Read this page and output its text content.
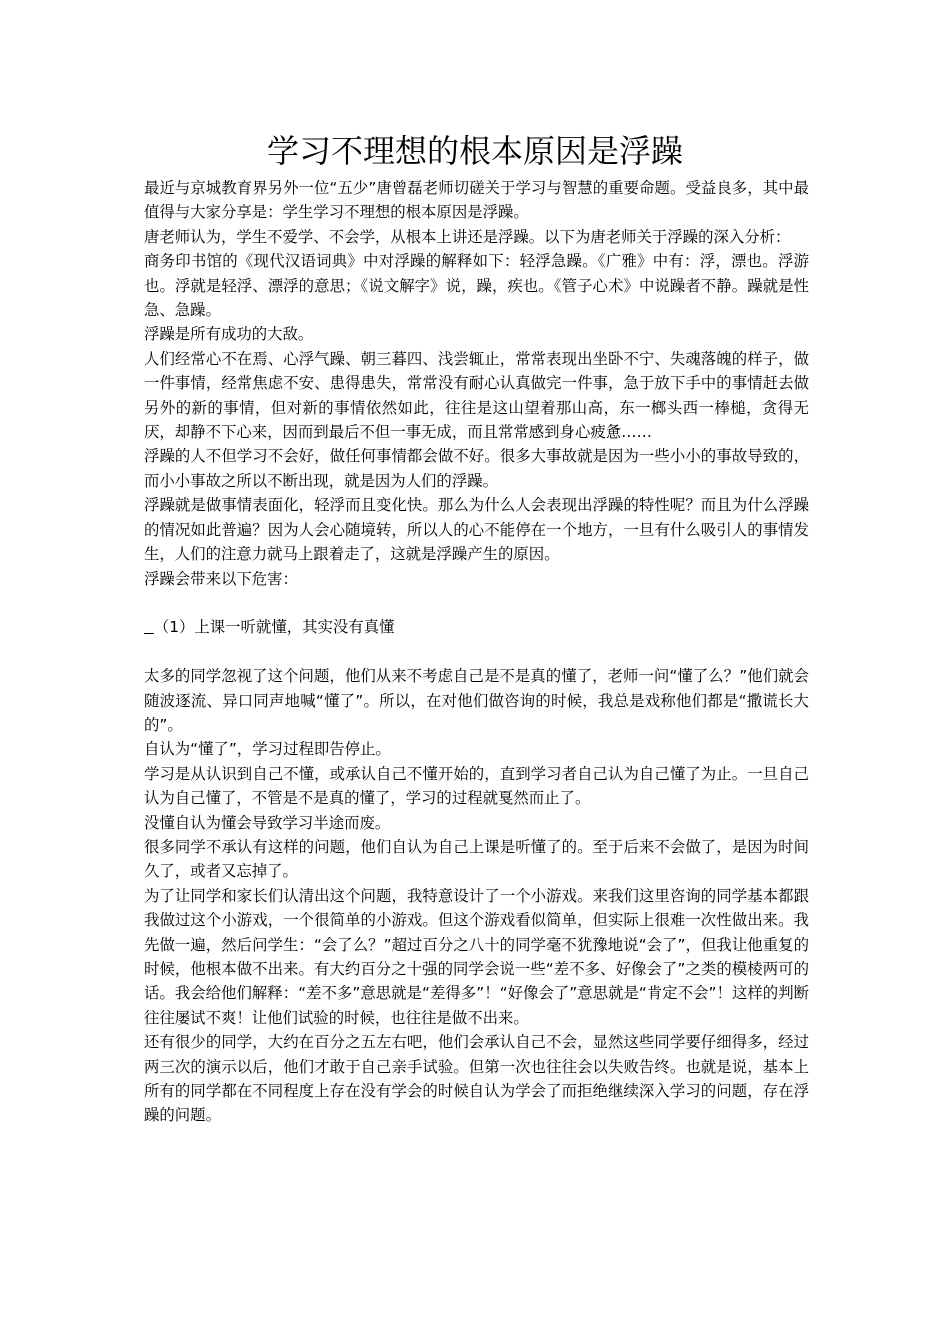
学习不理想的根本原因是浮躁

最近与京城教育界另外一位“五少”唐曾磊老师切磋关于学习与智慧的重要命题。受益良多，其中最值得与大家分享是：学生学习不理想的根本原因是浮躁。

唐老师认为，学生不爱学、不会学，从根本上讲还是浮躁。以下为唐老师关于浮躁的深入分析：

商务印书馆的《现代汉语词典》中对浮躁的解释如下：轻浮急躁。《广雅》中有：浮，漂也。浮游也。浮就是轻浮、漂浮的意思；《说文解字》说，躁，疾也。《管子心术》中说躁者不静。躁就是性急、急躁。

浮躁是所有成功的大敌。

人们经常心不在焉、心浮气躁、朝三暮四、浅尝辄止，常常表现出坐卧不宁、失魂落魄的样子，做一件事情，经常焦虑不安、患得患失，常常没有耐心认真做完一件事，急于放下手中的事情赶去做另外的新的事情，但对新的事情依然如此，往往是这山望着那山高，东一榔头西一棒槌，贪得无厌，却静不下心来，因而到最后不但一事无成，而且常常感到身心疲惫……

浮躁的人不但学习不会好，做任何事情都会做不好。很多大事故就是因为一些小小的事故导致的，而小小事故之所以不断出现，就是因为人们的浮躁。

浮躁就是做事情表面化，轻浮而且变化快。那么为什么人会表现出浮躁的特性呢？而且为什么浮躁的情况如此普遍？因为人会心随境转，所以人的心不能停在一个地方，一旦有什么吸引人的事情发生，人们的注意力就马上跟着走了，这就是浮躁产生的原因。

浮躁会带来以下危害：

（1）上课一听就懂，其实没有真懂

太多的同学忽视了这个问题，他们从来不考虑自己是不是真的懂了，老师一问“懂了么？”他们就会随波逐流、异口同声地喊“懂了”。所以，在对他们做咨询的时候，我总是戏称他们都是“撒谎长大的”。

自认为“懂了”，学习过程即告停止。

学习是从认识到自己不懂，或承认自己不懂开始的，直到学习者自己认为自己懂了为止。一旦自己认为自己懂了，不管是不是真的懂了，学习的过程就戛然而止了。

没懂自认为懂会导致学习半途而废。

很多同学不承认有这样的问题，他们自认为自己上课是听懂了的。至于后来不会做了，是因为时间久了，或者又忘掉了。

为了让同学和家长们认清出这个问题，我特意设计了一个小游戏。来我们这里咨询的同学基本都跟我做过这个小游戏，一个很简单的小游戏。但这个游戏看似简单，但实际上很难一次性做出来。我先做一遍，然后问学生：“会了么？”超过百分之八十的同学毫不犹豫地说“会了”，但我让他重复的时候，他根本做不出来。有大约百分之十强的同学会说一些“差不多、好像会了”之类的模棱两可的话。我会给他们解释：“差不多”意思就是“差得多”！“好像会了”意思就是“肯定不会”！这样的判断往往屡试不爽！让他们试验的时候，也往往是做不出来。

还有很少的同学，大约在百分之五左右吧，他们会承认自己不会，显然这些同学要仔细得多，经过两三次的演示以后，他们才敢于自己亲手试验。但第一次也往往会以失败告终。也就是说，基本上所有的同学都在不同程度上存在没有学会的时候自认为学会了而拒绝继续深入学习的问题，存在浮躁的问题。
